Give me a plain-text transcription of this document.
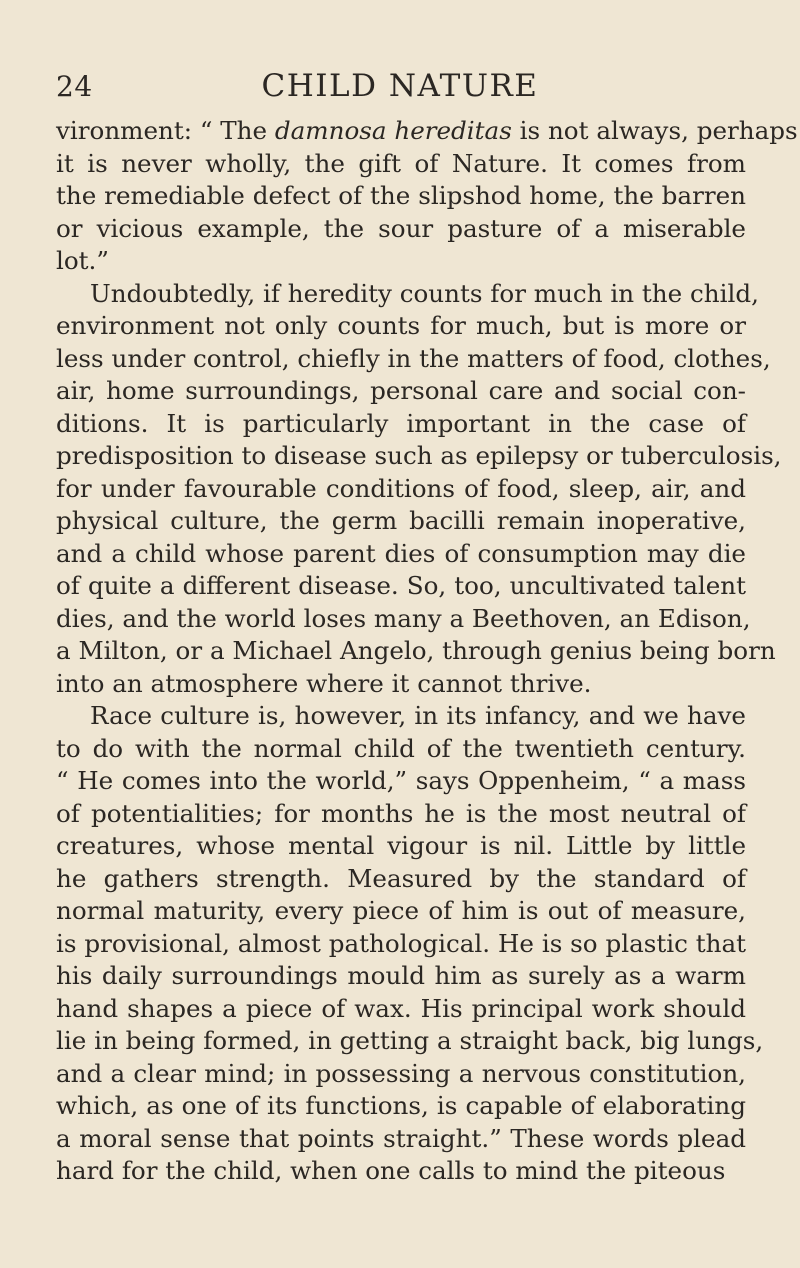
24	CHILD NATURE
vironment: “ The damnosa hereditas is not always, perhaps
it is never wholly, the gift of Nature. It comes from
the remediable defect of the slipshod home, the barren
or vicious example, the sour pasture of a miserable
lot.”
Undoubtedly, if heredity counts for much in the child,
environment not only counts for much, but is more or
less under control, chiefly in the matters of food, clothes,
air, home surroundings, personal care and social con-
ditions. It is particularly important in the case of
predisposition to disease such as epilepsy or tuberculosis,
for under favourable conditions of food, sleep, air, and
physical culture, the germ bacilli remain inoperative,
and a child whose parent dies of consumption may die
of quite a different disease. So, too, uncultivated talent
dies, and the world loses many a Beethoven, an Edison,
a Milton, or a Michael Angelo, through genius being born
into an atmosphere where it cannot thrive.
Race culture is, however, in its infancy, and we have
to do with the normal child of the twentieth century.
“ He comes into the world,” says Oppenheim, “ a mass
of potentialities; for months he is the most neutral of
creatures, whose mental vigour is nil. Little by little
he gathers strength. Measured by the standard of
normal maturity, every piece of him is out of measure,
is provisional, almost pathological. He is so plastic that
his daily surroundings mould him as surely as a warm
hand shapes a piece of wax. His principal work should
lie in being formed, in getting a straight back, big lungs,
and a clear mind; in possessing a nervous constitution,
which, as one of its functions, is capable of elaborating
a moral sense that points straight.” These words plead
hard for the child, when one calls to mind the piteous
